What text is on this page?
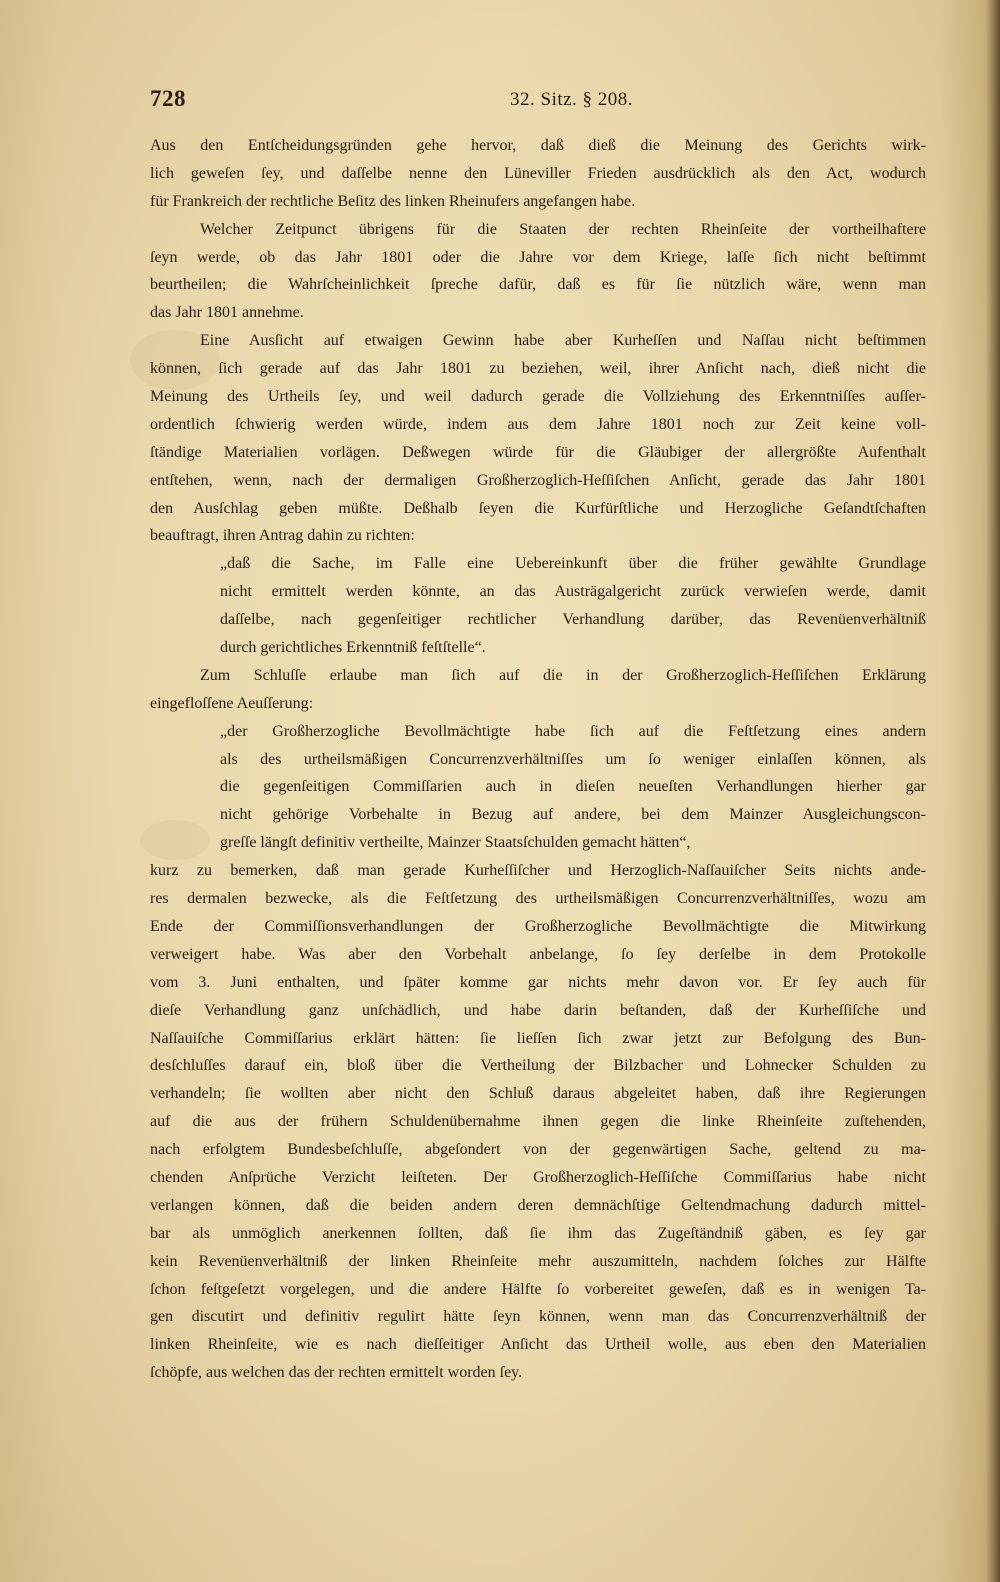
728	32. Sitz. § 208.
Aus den Entſcheidungsgründen gehe hervor, daß dieß die Meinung des Gerichts wirk-
lich geweſen ſey, und daſſelbe nenne den Lüneviller Frieden ausdrücklich als den Act, wodurch
für Frankreich der rechtliche Beſitz des linken Rheinufers angefangen habe.
Welcher Zeitpunct übrigens für die Staaten der rechten Rheinſeite der vortheilhaftere
ſeyn werde, ob das Jahr 1801 oder die Jahre vor dem Kriege, laſſe ſich nicht beſtimmt
beurtheilen; die Wahrſcheinlichkeit ſpreche dafür, daß es für ſie nützlich wäre, wenn man
das Jahr 1801 annehme.
Eine Ausſicht auf etwaigen Gewinn habe aber Kurheſſen und Naſſau nicht beſtimmen
können, ſich gerade auf das Jahr 1801 zu beziehen, weil, ihrer Anſicht nach, dieß nicht die
Meinung des Urtheils ſey, und weil dadurch gerade die Vollziehung des Erkenntniſſes auſſer-
ordentlich ſchwierig werden würde, indem aus dem Jahre 1801 noch zur Zeit keine voll-
ſtändige Materialien vorlägen. Deßwegen würde für die Gläubiger der allergrößte Aufenthalt
entſtehen, wenn, nach der dermaligen Großherzoglich-Heſſiſchen Anſicht, gerade das Jahr 1801
den Ausſchlag geben müßte. Deßhalb ſeyen die Kurfürſtliche und Herzogliche Geſandtſchaften
beauftragt, ihren Antrag dahin zu richten:
„daß die Sache, im Falle eine Uebereinkunft über die früher gewählte Grundlage
nicht ermittelt werden könnte, an das Austrägalgericht zurück verwieſen werde, damit
daſſelbe, nach gegenſeitiger rechtlicher Verhandlung darüber, das Revenüenverhältniß
durch gerichtliches Erkenntniß feſtſtelle“.
Zum Schluſſe erlaube man ſich auf die in der Großherzoglich-Heſſiſchen Erklärung
eingefloſſene Aeuſſerung:
„der Großherzogliche Bevollmächtigte habe ſich auf die Feſtſetzung eines andern
als des urtheilsmäßigen Concurrenzverhältniſſes um ſo weniger einlaſſen können, als
die gegenſeitigen Commiſſarien auch in dieſen neueſten Verhandlungen hierher gar
nicht gehörige Vorbehalte in Bezug auf andere, bei dem Mainzer Ausgleichungscon-
greſſe längſt definitiv vertheilte, Mainzer Staatsſchulden gemacht hätten“,
kurz zu bemerken, daß man gerade Kurheſſiſcher und Herzoglich-Naſſauiſcher Seits nichts ande-
res dermalen bezwecke, als die Feſtſetzung des urtheilsmäßigen Concurrenzverhältniſſes, wozu am
Ende der Commiſſionsverhandlungen der Großherzogliche Bevollmächtigte die Mitwirkung
verweigert habe. Was aber den Vorbehalt anbelange, ſo ſey derſelbe in dem Protokolle
vom 3. Juni enthalten, und ſpäter komme gar nichts mehr davon vor. Er ſey auch für
dieſe Verhandlung ganz unſchädlich, und habe darin beſtanden, daß der Kurheſſiſche und
Naſſauiſche Commiſſarius erklärt hätten: ſie lieſſen ſich zwar jetzt zur Befolgung des Bun-
desſchluſſes darauf ein, bloß über die Vertheilung der Bilzbacher und Lohnecker Schulden zu
verhandeln; ſie wollten aber nicht den Schluß daraus abgeleitet haben, daß ihre Regierungen
auf die aus der frühern Schuldenübernahme ihnen gegen die linke Rheinſeite zuſtehenden,
nach erfolgtem Bundesbeſchluſſe, abgeſondert von der gegenwärtigen Sache, geltend zu ma-
chenden Anſprüche Verzicht leiſteten. Der Großherzoglich-Heſſiſche Commiſſarius habe nicht
verlangen können, daß die beiden andern deren demnächſtige Geltendmachung dadurch mittel-
bar als unmöglich anerkennen ſollten, daß ſie ihm das Zugeſtändniß gäben, es ſey gar
kein Revenüenverhältniß der linken Rheinſeite mehr auszumitteln, nachdem ſolches zur Hälfte
ſchon feſtgeſetzt vorgelegen, und die andere Hälfte ſo vorbereitet geweſen, daß es in wenigen Ta-
gen discutirt und definitiv regulirt hätte ſeyn können, wenn man das Concurrenzverhältniß der
linken Rheinſeite, wie es nach dieſſeitiger Anſicht das Urtheil wolle, aus eben den Materialien
ſchöpfe, aus welchen das der rechten ermittelt worden ſey.
